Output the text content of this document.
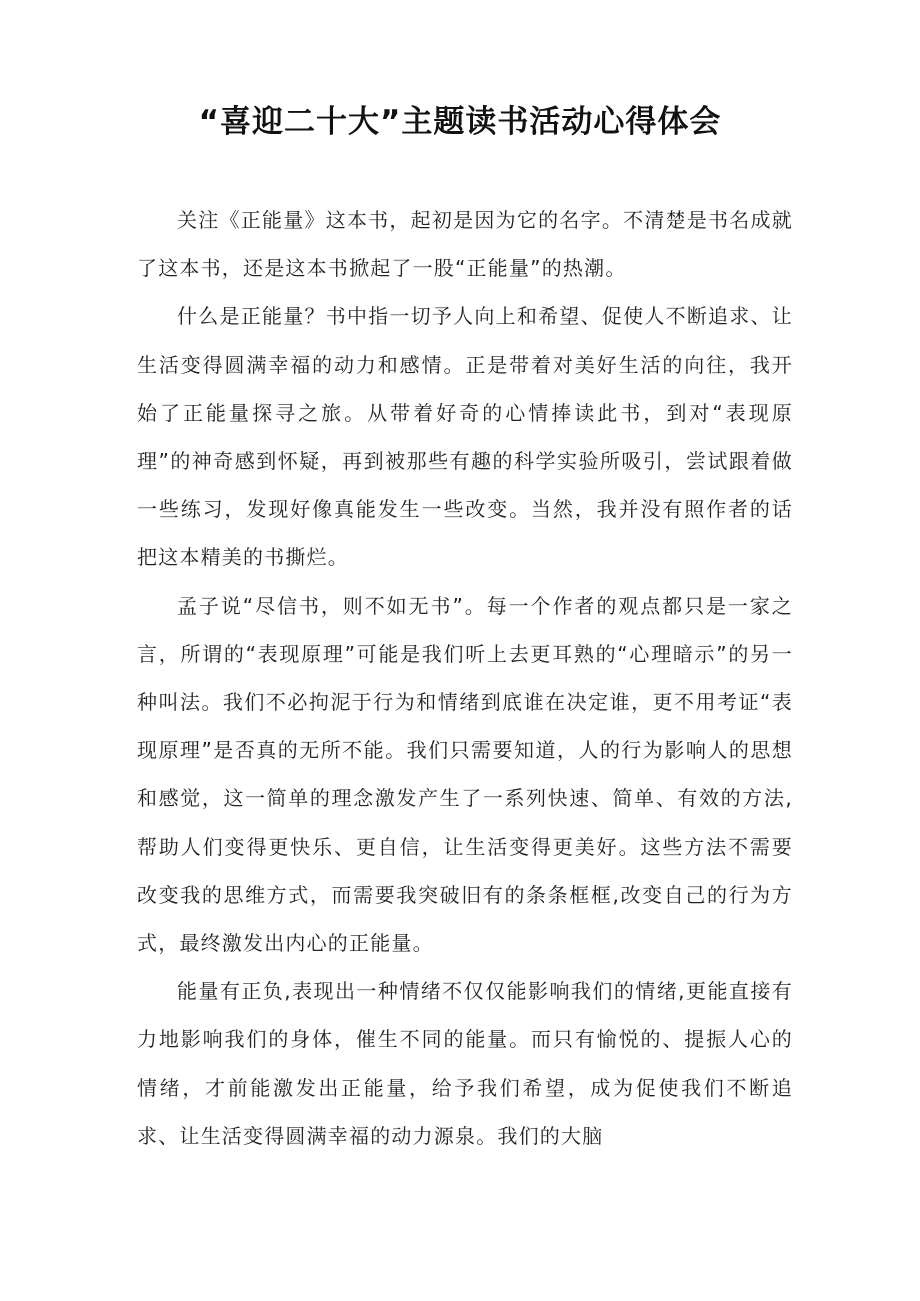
“喜迎二十大”主题读书活动心得体会

关注《正能量》这本书，起初是因为它的名字。不清楚是书名成就了这本书，还是这本书掀起了一股“正能量”的热潮。

什么是正能量？书中指一切予人向上和希望、促使人不断追求、让生活变得圆满幸福的动力和感情。正是带着对美好生活的向往，我开始了正能量探寻之旅。从带着好奇的心情捧读此书，到对“表现原理”的神奇感到怀疑，再到被那些有趣的科学实验所吸引，尝试跟着做一些练习，发现好像真能发生一些改变。当然，我并没有照作者的话把这本精美的书撕烂。

孟子说“尽信书，则不如无书”。每一个作者的观点都只是一家之言，所谓的“表现原理”可能是我们听上去更耳熟的“心理暗示”的另一种叫法。我们不必拘泥于行为和情绪到底谁在决定谁，更不用考证“表现原理”是否真的无所不能。我们只需要知道，人的行为影响人的思想和感觉，这一简单的理念激发产生了一系列快速、简单、有效的方法,帮助人们变得更快乐、更自信，让生活变得更美好。这些方法不需要改变我的思维方式，而需要我突破旧有的条条框框,改变自己的行为方式，最终激发出内心的正能量。

能量有正负,表现出一种情绪不仅仅能影响我们的情绪,更能直接有力地影响我们的身体，催生不同的能量。而只有愉悦的、提振人心的情绪，才前能激发出正能量，给予我们希望，成为促使我们不断追求、让生活变得圆满幸福的动力源泉。我们的大脑
